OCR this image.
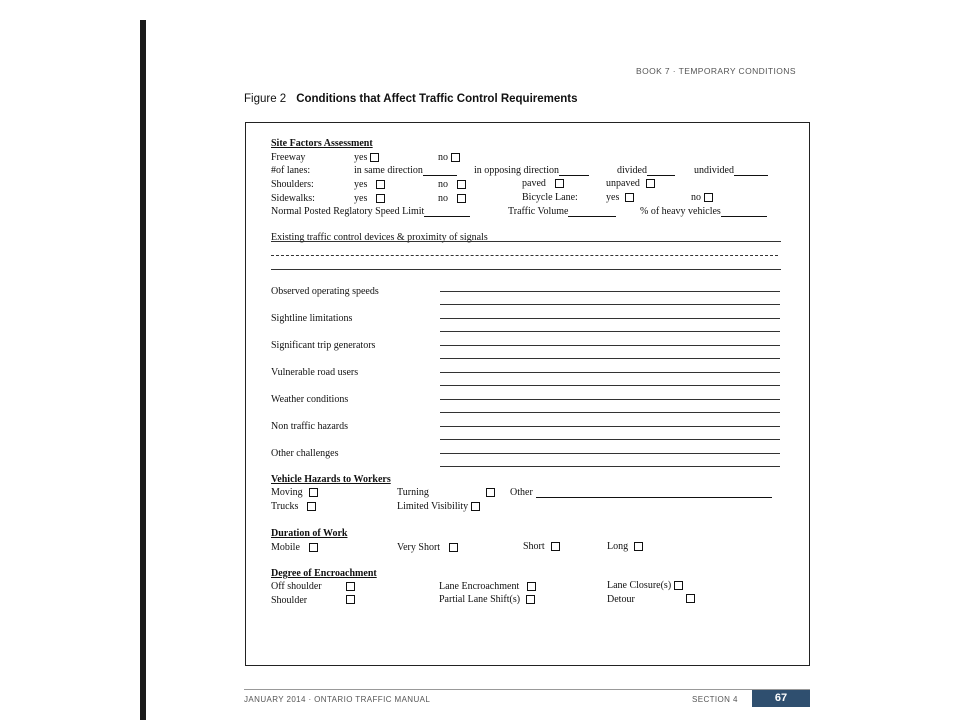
BOOK 7 · TEMPORARY CONDITIONS
Figure 2 Conditions that Affect Traffic Control Requirements
Site Factors Assessment
Freeway	yes	no
#of lanes:	in same direction	in opposing direction	divided	undivided
Shoulders:	yes	no	paved	unpaved
Sidewalks:	yes	no	Bicycle Lane:	yes	no
Normal Posted Reglatory Speed Limit	Traffic Volume	% of heavy vehicles
Existing traffic control devices & proximity of signals
Observed operating speeds
Sightline limitations
Significant trip generators
Vulnerable road users
Weather conditions
Non traffic hazards
Other challenges
Vehicle Hazards to Workers
Moving	Turning	Other
Trucks	Limited Visibility
Duration of Work
Mobile	Very Short	Short	Long
Degree of Encroachment
Off shoulder	Lane Encroachment	Lane Closure(s)
Shoulder	Partial Lane Shift(s)	Detour
JANUARY 2014 · ONTARIO TRAFFIC MANUAL	SECTION 4	67
